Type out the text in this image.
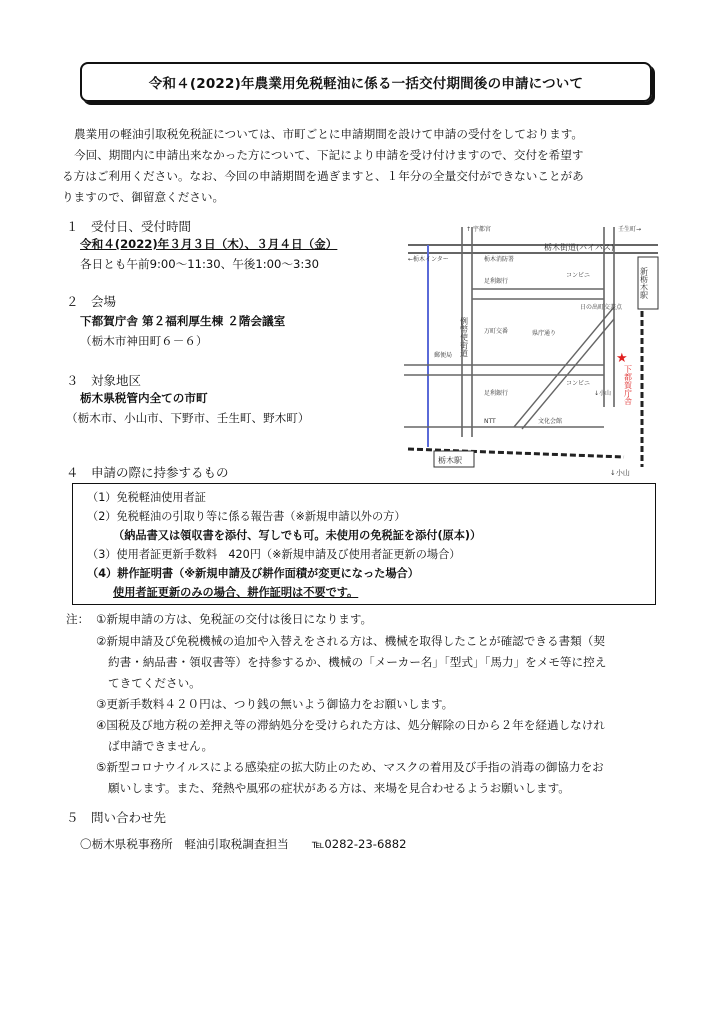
令和４(2022)年農業用免税軽油に係る一括交付期間後の申請について

農業用の軽油引取税免税証については、市町ごとに申請期間を設けて申請の受付をしております。

今回、期間内に申請出来なかった方について、下記により申請を受け付けますので、交付を希望す

る方はご利用ください。なお、今回の申請期間を過ぎますと、１年分の全量交付ができないことがあ

りますので、御留意ください。

１　受付日、受付時間
令和４(2022)年３月３日（木）、３月４日（金）
各日とも午前9:00～11:30、午後1:00～3:30
２　会場
下都賀庁舎 第２福利厚生棟 ２階会議室
（栃木市神田町６－６）
３　対象地区
栃木県税管内全ての市町
（栃木市、小山市、下野市、壬生町、野木町）
↑ 宇都宮	壬生町→
栃木街道(バイパス)
←栃木インター	栃木消防署
足利銀行
コンビニ
日の出町交差点
万町交番	県庁通り
郵便局
足利銀行
コンビニ
NTT	文化会館
↓小山
↓小山
新栃木駅
栃木駅
例幣使街道
下都賀庁舎
★
４　申請の際に持参するもの
（1）免税軽油使用者証
（2）免税軽油の引取り等に係る報告書（※新規申請以外の方）
（納品書又は領収書を添付、写しでも可。未使用の免税証を添付(原本)）
（3）使用者証更新手数料　420円（※新規申請及び使用者証更新の場合）
（4）耕作証明書（※新規申請及び耕作面積が変更になった場合）
使用者証更新のみの場合、耕作証明は不要です。
注： ①新規申請の方は、免税証の交付は後日になります。
②新規申請及び免税機械の追加や入替えをされる方は、機械を取得したことが確認できる書類（契
約書・納品書・領収書等）を持参するか、機械の「メーカー名」「型式」「馬力」をメモ等に控え
てきてください。
③更新手数料４２０円は、つり銭の無いよう御協力をお願いします。
④国税及び地方税の差押え等の滞納処分を受けられた方は、処分解除の日から２年を経過しなけれ
ば申請できません。
⑤新型コロナウイルスによる感染症の拡大防止のため、マスクの着用及び手指の消毒の御協力をお
願いします。また、発熱や風邪の症状がある方は、来場を見合わせるようお願いします。
５　問い合わせ先
〇栃木県税事務所　軽油引取税調査担当　　℡0282-23-6882
